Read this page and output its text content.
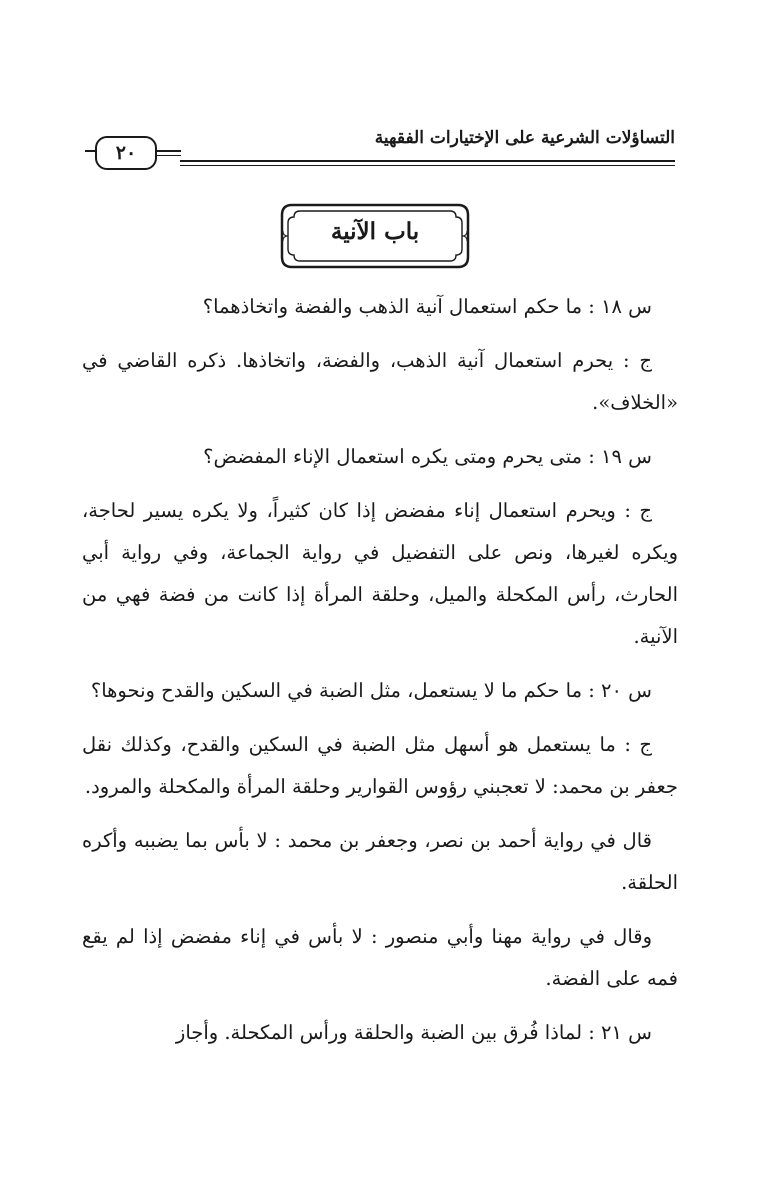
التساؤلات الشرعية على الإختيارات الفقهية
٢٠
باب الآنية

س ١٨ : ما حكم استعمال آنية الذهب والفضة واتخاذهما؟

ج : يحرم استعمال آنية الذهب، والفضة، واتخاذها. ذكره القاضي في «الخلاف».

س ١٩ : متى يحرم ومتى يكره استعمال الإناء المفضض؟

ج : ويحرم استعمال إناء مفضض إذا كان كثيراً، ولا يكره يسير لحاجة، ويكره لغيرها، ونص على التفضيل في رواية الجماعة، وفي رواية أبي الحارث، رأس المكحلة والميل، وحلقة المرأة إذا كانت من فضة فهي من الآنية.

س ٢٠ : ما حكم ما لا يستعمل، مثل الضبة في السكين والقدح ونحوها؟

ج : ما يستعمل هو أسهل مثل الضبة في السكين والقدح، وكذلك نقل جعفر بن محمد: لا تعجبني رؤوس القوارير وحلقة المرأة والمكحلة والمرود.

قال في رواية أحمد بن نصر، وجعفر بن محمد : لا بأس بما يضببه وأكره الحلقة.

وقال في رواية مهنا وأبي منصور : لا بأس في إناء مفضض إذا لم يقع فمه على الفضة.

س ٢١ : لماذا فُرق بين الضبة والحلقة ورأس المكحلة. وأجاز
